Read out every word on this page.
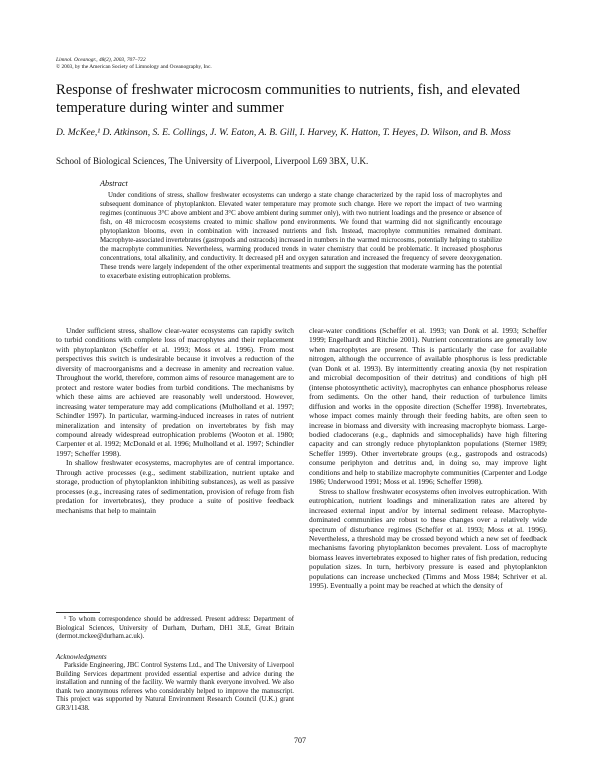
Limnol. Oceanogr., 48(2), 2003, 707–722
© 2003, by the American Society of Limnology and Oceanography, Inc.
Response of freshwater microcosm communities to nutrients, fish, and elevated temperature during winter and summer
D. McKee,¹ D. Atkinson, S. E. Collings, J. W. Eaton, A. B. Gill, I. Harvey, K. Hatton, T. Heyes, D. Wilson, and B. Moss
School of Biological Sciences, The University of Liverpool, Liverpool L69 3BX, U.K.
Abstract

Under conditions of stress, shallow freshwater ecosystems can undergo a state change characterized by the rapid loss of macrophytes and subsequent dominance of phytoplankton. Elevated water temperature may promote such change. Here we report the impact of two warming regimes (continuous 3°C above ambient and 3°C above ambient during summer only), with two nutrient loadings and the presence or absence of fish, on 48 microcosm ecosystems created to mimic shallow pond environments. We found that warming did not significantly encourage phytoplankton blooms, even in combination with increased nutrients and fish. Instead, macrophyte communities remained dominant. Macrophyte-associated invertebrates (gastropods and ostracods) increased in numbers in the warmed microcosms, potentially helping to stabilize the macrophyte communities. Nevertheless, warming produced trends in water chemistry that could be problematic. It increased phosphorus concentrations, total alkalinity, and conductivity. It decreased pH and oxygen saturation and increased the frequency of severe deoxygenation. These trends were largely independent of the other experimental treatments and support the suggestion that moderate warming has the potential to exacerbate existing eutrophication problems.

Under sufficient stress, shallow clear-water ecosystems can rapidly switch to turbid conditions with complete loss of macrophytes and their replacement with phytoplankton (Scheffer et al. 1993; Moss et al. 1996). From most perspectives this switch is undesirable because it involves a reduction of the diversity of macroorganisms and a decrease in amenity and recreation value. Throughout the world, therefore, common aims of resource management are to protect and restore water bodies from turbid conditions. The mechanisms by which these aims are achieved are reasonably well understood. However, increasing water temperature may add complications (Mulholland et al. 1997; Schindler 1997). In particular, warming-induced increases in rates of nutrient mineralization and intensity of predation on invertebrates by fish may compound already widespread eutrophication problems (Wooton et al. 1980; Carpenter et al. 1992; McDonald et al. 1996; Mulholland et al. 1997; Schindler 1997; Scheffer 1998).

In shallow freshwater ecosystems, macrophytes are of central importance. Through active processes (e.g., sediment stabilization, nutrient uptake and storage, production of phytoplankton inhibiting substances), as well as passive processes (e.g., increasing rates of sedimentation, provision of refuge from fish predation for invertebrates), they produce a suite of positive feedback mechanisms that help to maintain

¹ To whom correspondence should be addressed. Present address: Department of Biological Sciences, University of Durham, Durham, DH1 3LE, Great Britain (dermot.mckee@durham.ac.uk).

Acknowledgments

Parkside Engineering, JBC Control Systems Ltd., and The University of Liverpool Building Services department provided essential expertise and advice during the installation and running of the facility. We warmly thank everyone involved. We also thank two anonymous referees who considerably helped to improve the manuscript. This project was supported by Natural Environment Research Council (U.K.) grant GR3/11438.

clear-water conditions (Scheffer et al. 1993; van Donk et al. 1993; Scheffer 1999; Engelhardt and Ritchie 2001). Nutrient concentrations are generally low when macrophytes are present. This is particularly the case for available nitrogen, although the occurrence of available phosphorus is less predictable (van Donk et al. 1993). By intermittently creating anoxia (by net respiration and microbial decomposition of their detritus) and conditions of high pH (intense photosynthetic activity), macrophytes can enhance phosphorus release from sediments. On the other hand, their reduction of turbulence limits diffusion and works in the opposite direction (Scheffer 1998). Invertebrates, whose impact comes mainly through their feeding habits, are often seen to increase in biomass and diversity with increasing macrophyte biomass. Large-bodied cladocerans (e.g., daphnids and simocephalids) have high filtering capacity and can strongly reduce phytoplankton populations (Sterner 1989; Scheffer 1999). Other invertebrate groups (e.g., gastropods and ostracods) consume periphyton and detritus and, in doing so, may improve light conditions and help to stabilize macrophyte communities (Carpenter and Lodge 1986; Underwood 1991; Moss et al. 1996; Scheffer 1998).

Stress to shallow freshwater ecosystems often involves eutrophication. With eutrophication, nutrient loadings and mineralization rates are altered by increased external input and/or by internal sediment release. Macrophyte-dominated communities are robust to these changes over a relatively wide spectrum of disturbance regimes (Scheffer et al. 1993; Moss et al. 1996). Nevertheless, a threshold may be crossed beyond which a new set of feedback mechanisms favoring phytoplankton becomes prevalent. Loss of macrophyte biomass leaves invertebrates exposed to higher rates of fish predation, reducing population sizes. In turn, herbivory pressure is eased and phytoplankton populations can increase unchecked (Timms and Moss 1984; Schriver et al. 1995). Eventually a point may be reached at which the density of

707
